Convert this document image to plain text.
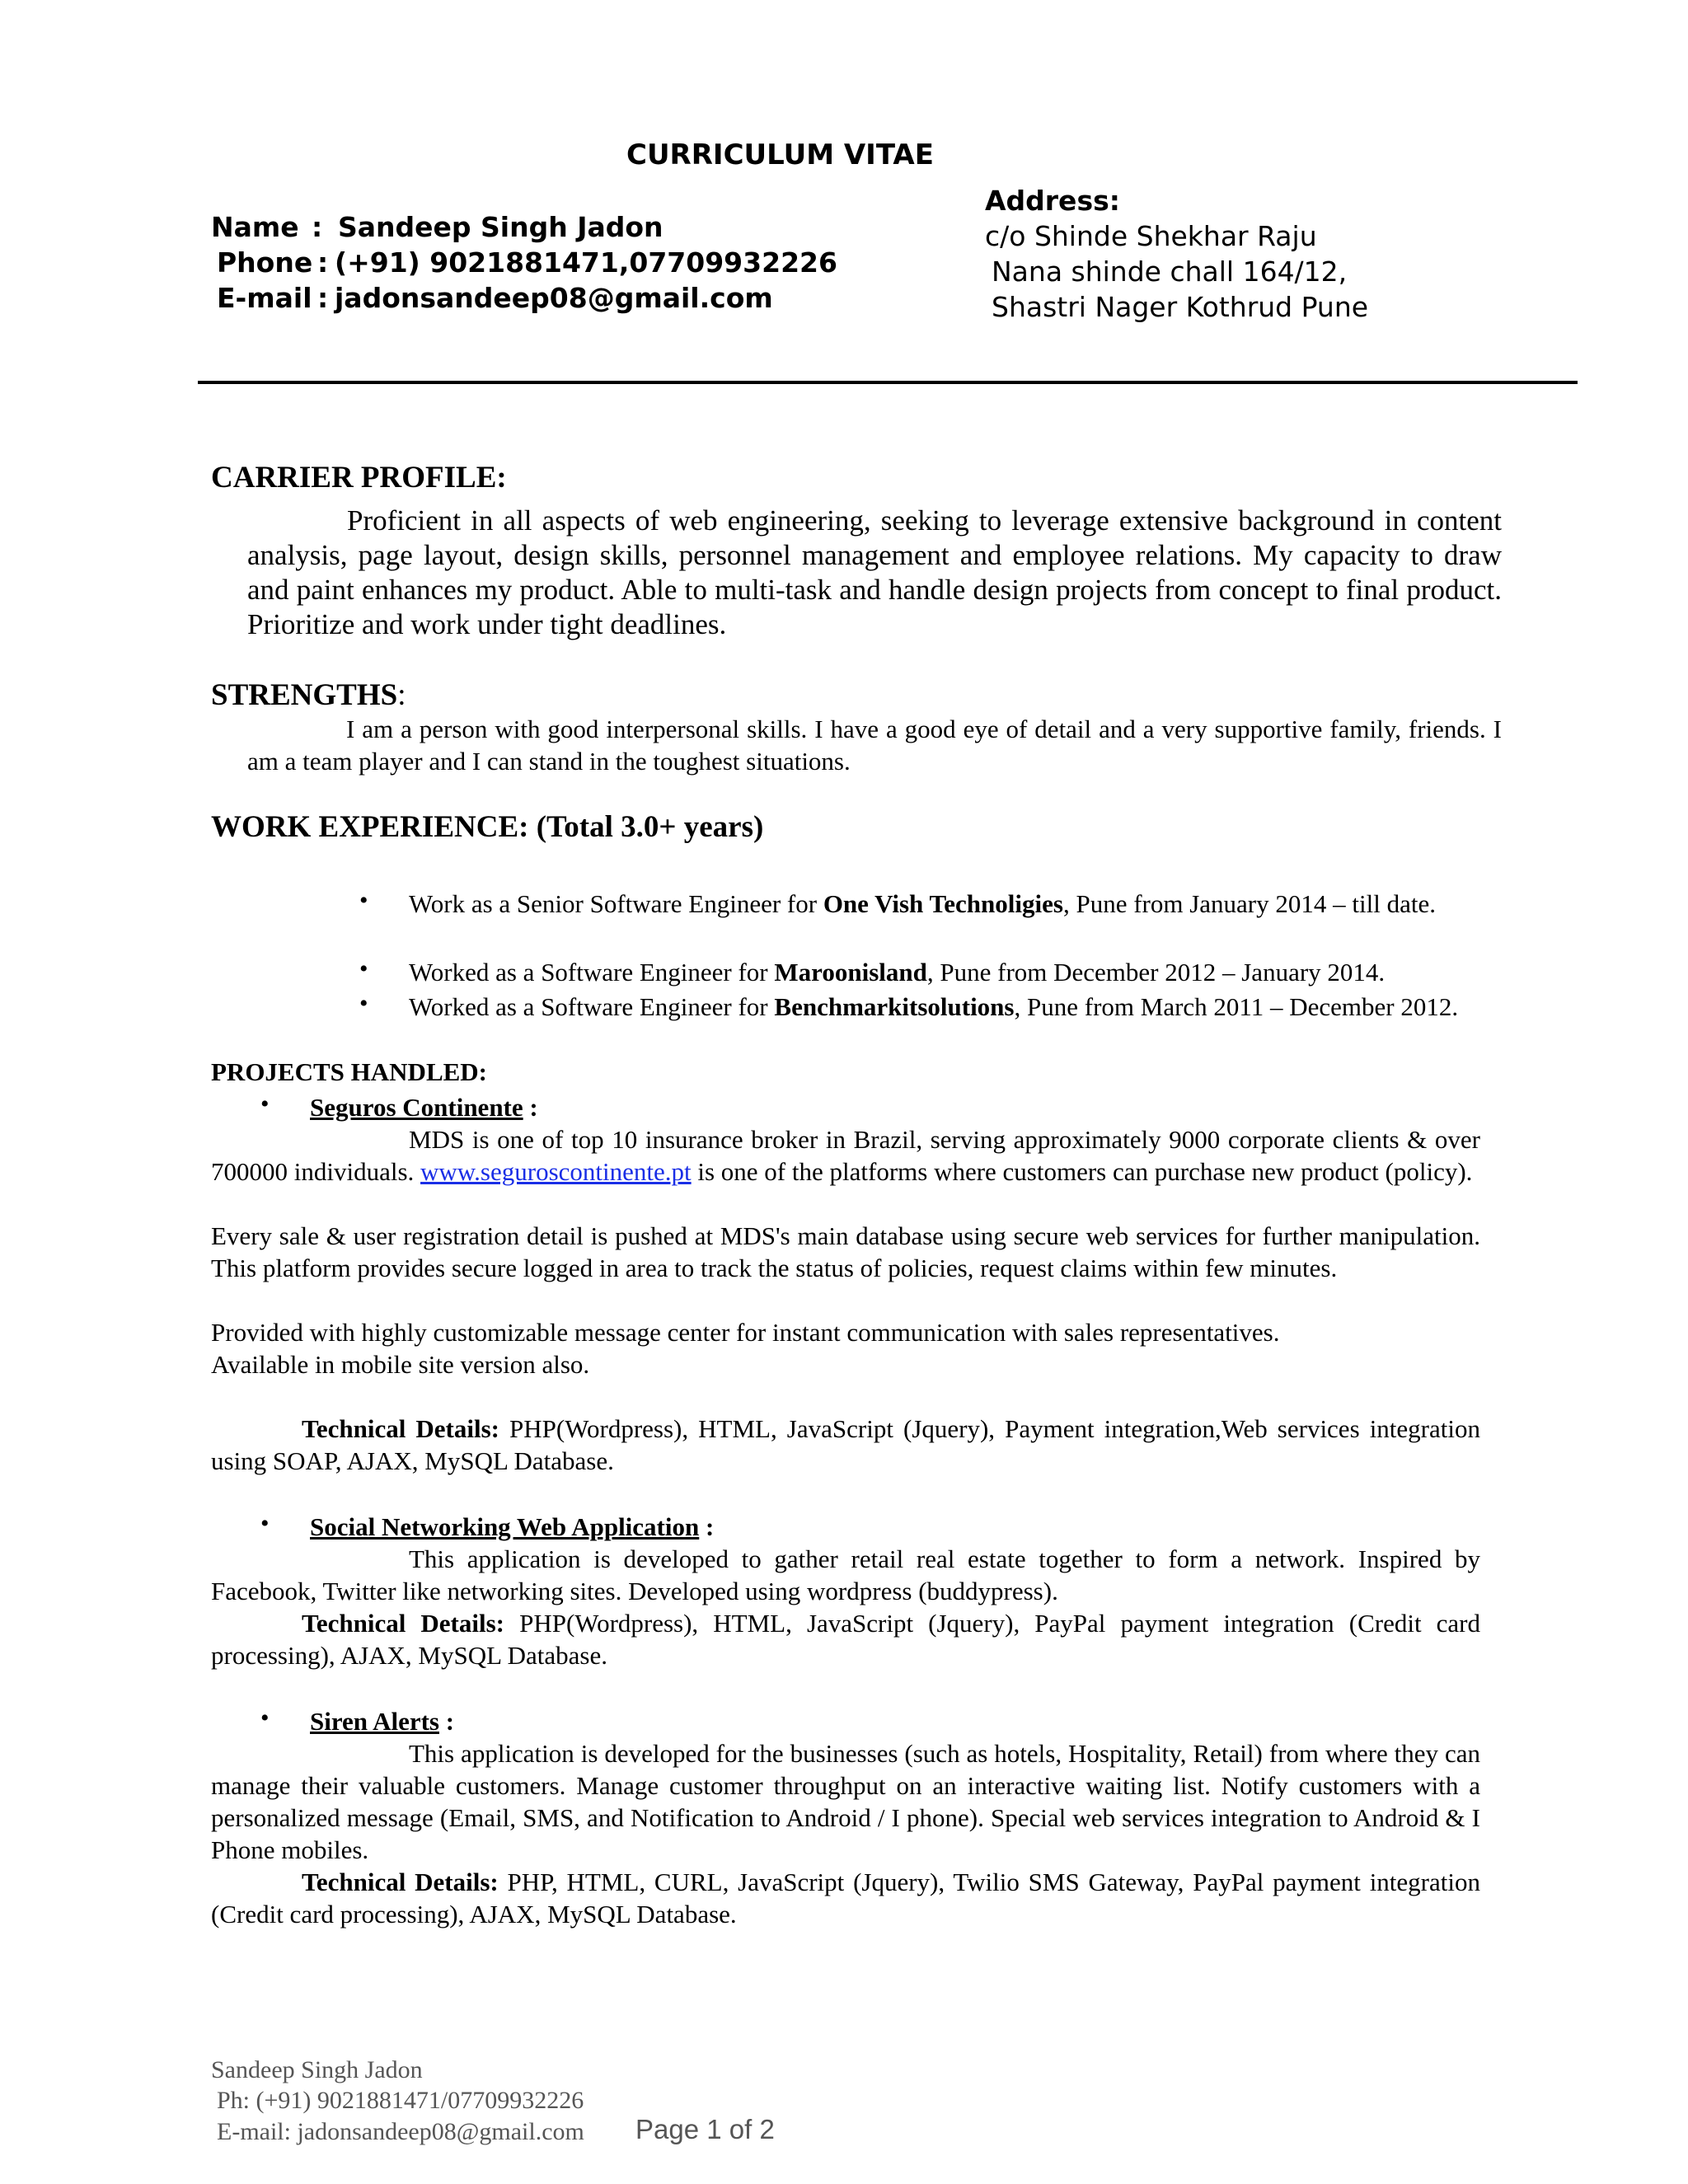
CURRICULUM VITAE
Name : Sandeep Singh Jadon
Phone : (+91) 9021881471,07709932226
E-mail : jadonsandeep08@gmail.com
Address:
c/o Shinde Shekhar Raju
Nana shinde chall 164/12,
Shastri Nager Kothrud Pune
CARRIER PROFILE:
Proficient in all aspects of web engineering, seeking to leverage extensive background in content analysis, page layout, design skills, personnel management and employee relations. My capacity to draw and paint enhances my product. Able to multi-task and handle design projects from concept to final product. Prioritize and work under tight deadlines.
STRENGTHS:
I am a person with good interpersonal skills. I have a good eye of detail and a very supportive family, friends. I am a team player and I can stand in the toughest situations.
WORK EXPERIENCE: (Total 3.0+ years)
• Work as a Senior Software Engineer for One Vish Technoligies, Pune from January 2014 – till date.
• Worked as a Software Engineer for Maroonisland, Pune from December 2012 – January 2014.
• Worked as a Software Engineer for Benchmarkitsolutions, Pune from March 2011 – December 2012.
PROJECTS HANDLED:
• Seguros Continente :
MDS is one of top 10 insurance broker in Brazil, serving approximately 9000 corporate clients & over 700000 individuals. www.seguroscontinente.pt is one of the platforms where customers can purchase new product (policy).
Every sale & user registration detail is pushed at MDS's main database using secure web services for further manipulation. This platform provides secure logged in area to track the status of policies, request claims within few minutes.
Provided with highly customizable message center for instant communication with sales representatives.
Available in mobile site version also.
Technical Details: PHP(Wordpress), HTML, JavaScript (Jquery), Payment integration,Web services integration using SOAP, AJAX, MySQL Database.
• Social Networking Web Application :
This application is developed to gather retail real estate together to form a network. Inspired by Facebook, Twitter like networking sites. Developed using wordpress (buddypress).
Technical Details: PHP(Wordpress), HTML, JavaScript (Jquery), PayPal payment integration (Credit card processing), AJAX, MySQL Database.
• Siren Alerts :
This application is developed for the businesses (such as hotels, Hospitality, Retail) from where they can manage their valuable customers. Manage customer throughput on an interactive waiting list. Notify customers with a personalized message (Email, SMS, and Notification to Android / I phone). Special web services integration to Android & I Phone mobiles.
Technical Details: PHP, HTML, CURL, JavaScript (Jquery), Twilio SMS Gateway, PayPal payment integration (Credit card processing), AJAX, MySQL Database.
Sandeep Singh Jadon
Ph: (+91) 9021881471/07709932226
E-mail: jadonsandeep08@gmail.com Page 1 of 2
